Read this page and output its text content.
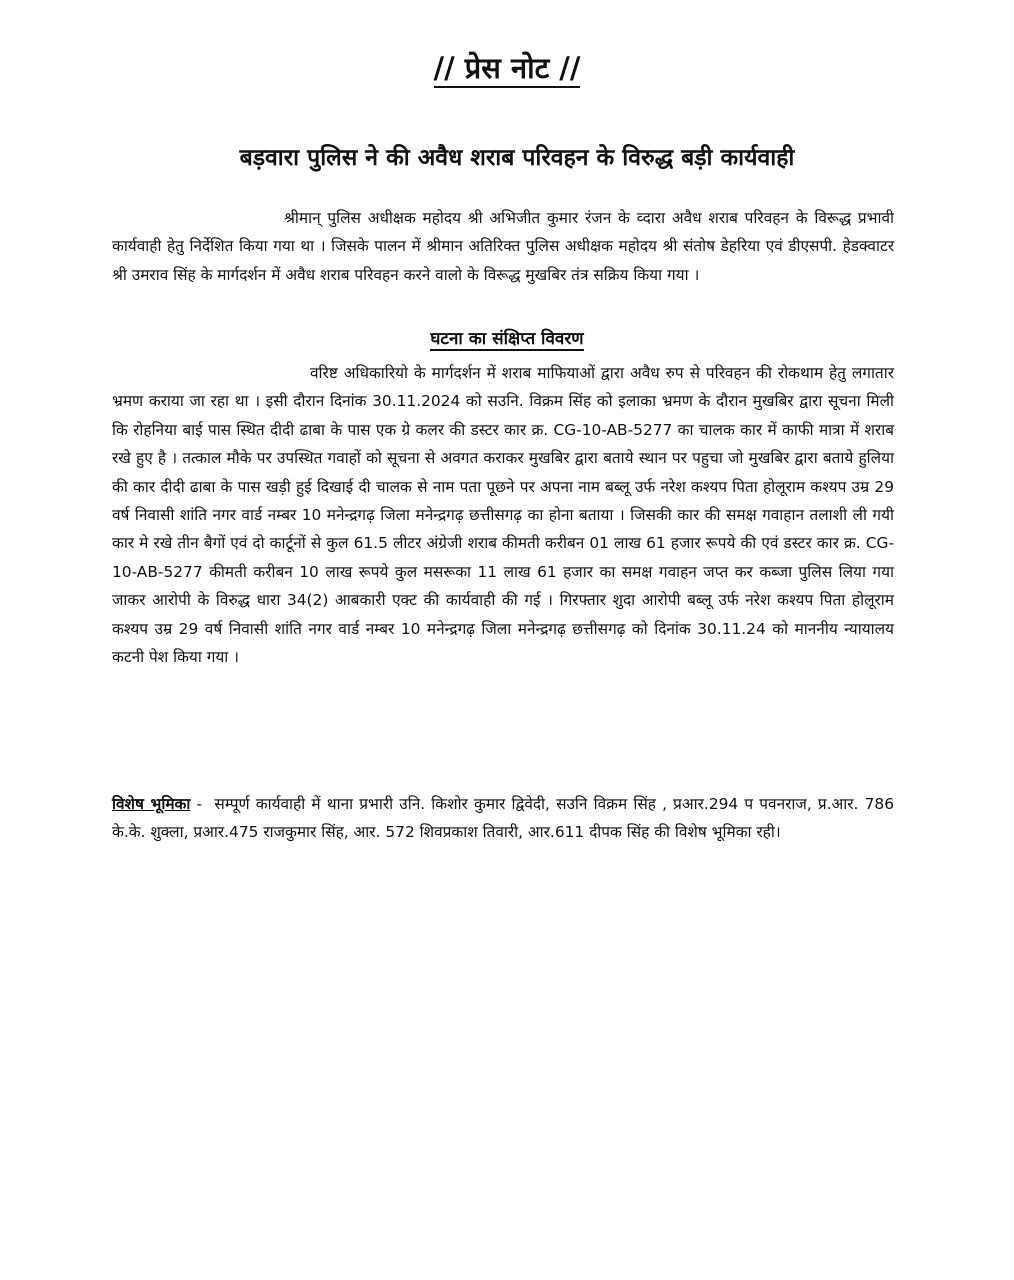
// प्रेस नोट //
बड़वारा पुलिस ने की अवैध शराब परिवहन के विरुद्ध बड़ी कार्यवाही

श्रीमान् पुलिस अधीक्षक महोदय श्री अभिजीत कुमार रंजन के व्दारा अवैध शराब परिवहन के विरूद्ध प्रभावी कार्यवाही हेतु निर्देशित किया गया था । जिसके पालन में श्रीमान अतिरिक्त पुलिस अधीक्षक महोदय श्री संतोष डेहरिया एवं डीएसपी. हेडक्वाटर श्री उमराव सिंह के मार्गदर्शन में अवैध शराब परिवहन करने वालो के विरूद्ध मुखबिर तंत्र सक्रिय किया गया ।

घटना का संक्षिप्त विवरण

वरिष्ट अधिकारियो के मार्गदर्शन में शराब माफियाओं द्वारा अवैध रुप से परिवहन की रोकथाम हेतु लगातार भ्रमण कराया जा रहा था । इसी दौरान दिनांक 30.11.2024 को सउनि. विक्रम सिंह को इलाका भ्रमण के दौरान मुखबिर द्वारा सूचना मिली कि रोहनिया बाई पास स्थित दीदी ढाबा के पास एक ग्रे कलर की डस्टर कार क्र. CG-10-AB-5277 का चालक कार में काफी मात्रा में शराब रखे हुए है । तत्काल मौके पर उपस्थित गवाहों को सूचना से अवगत कराकर मुखबिर द्वारा बताये स्थान पर पहुचा जो मुखबिर द्वारा बताये हुलिया की कार दीदी ढाबा के पास खड़ी हुई दिखाई दी चालक से नाम पता पूछने पर अपना नाम बब्लू उर्फ नरेश कश्यप पिता होलूराम कश्यप उम्र 29 वर्ष निवासी शांति नगर वार्ड नम्बर 10 मनेन्द्रगढ़ जिला मनेन्द्रगढ़ छत्तीसगढ़ का होना बताया । जिसकी कार की समक्ष गवाहान तलाशी ली गयी कार मे रखे तीन बैगों एवं दो कार्टूनों से कुल 61.5 लीटर अंग्रेजी शराब कीमती करीबन 01 लाख 61 हजार रूपये की एवं डस्टर कार क्र. CG-10-AB-5277 कीमती करीबन 10 लाख रूपये कुल मसरूका 11 लाख 61 हजार का समक्ष गवाहन जप्त कर कब्जा पुलिस लिया गया जाकर आरोपी के विरुद्ध धारा 34(2) आबकारी एक्ट की कार्यवाही की गई । गिरफ्तार शुदा आरोपी बब्लू उर्फ नरेश कश्यप पिता होलूराम कश्यप उम्र 29 वर्ष निवासी शांति नगर वार्ड नम्बर 10 मनेन्द्रगढ़ जिला मनेन्द्रगढ़ छत्तीसगढ़ को दिनांक 30.11.24 को माननीय न्यायालय कटनी पेश किया गया ।

विशेष भूमिका -  सम्पूर्ण कार्यवाही में थाना प्रभारी उनि. किशोर कुमार द्विवेदी, सउनि विक्रम सिंह , प्रआर.294 प पवनराज, प्र.आर. 786 के.के. शुक्ला, प्रआर.475 राजकुमार सिंह, आर. 572 शिवप्रकाश तिवारी, आर.611 दीपक सिंह की विशेष भूमिका रही।
